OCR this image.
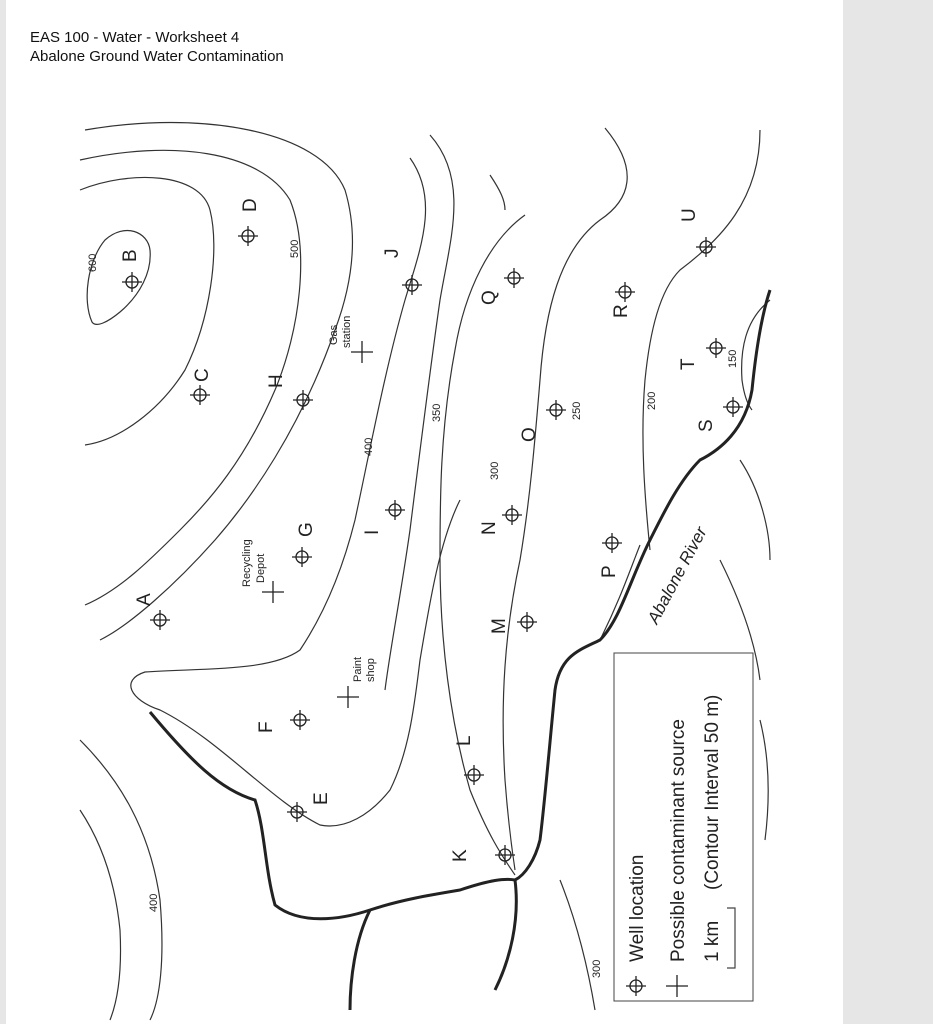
EAS 100 - Water - Worksheet 4
Abalone Ground Water Contamination
600
500
400
350
300
250
200
150
400
300
A
B
C
D
E
F
G
H
I
J
K
L
M
N
O
P
Q
R
S
T
U
Recycling Depot
Gas station
Paint shop
Abalone River
Well location Possible contaminant source 1 km
(Contour Interval 50 m)
